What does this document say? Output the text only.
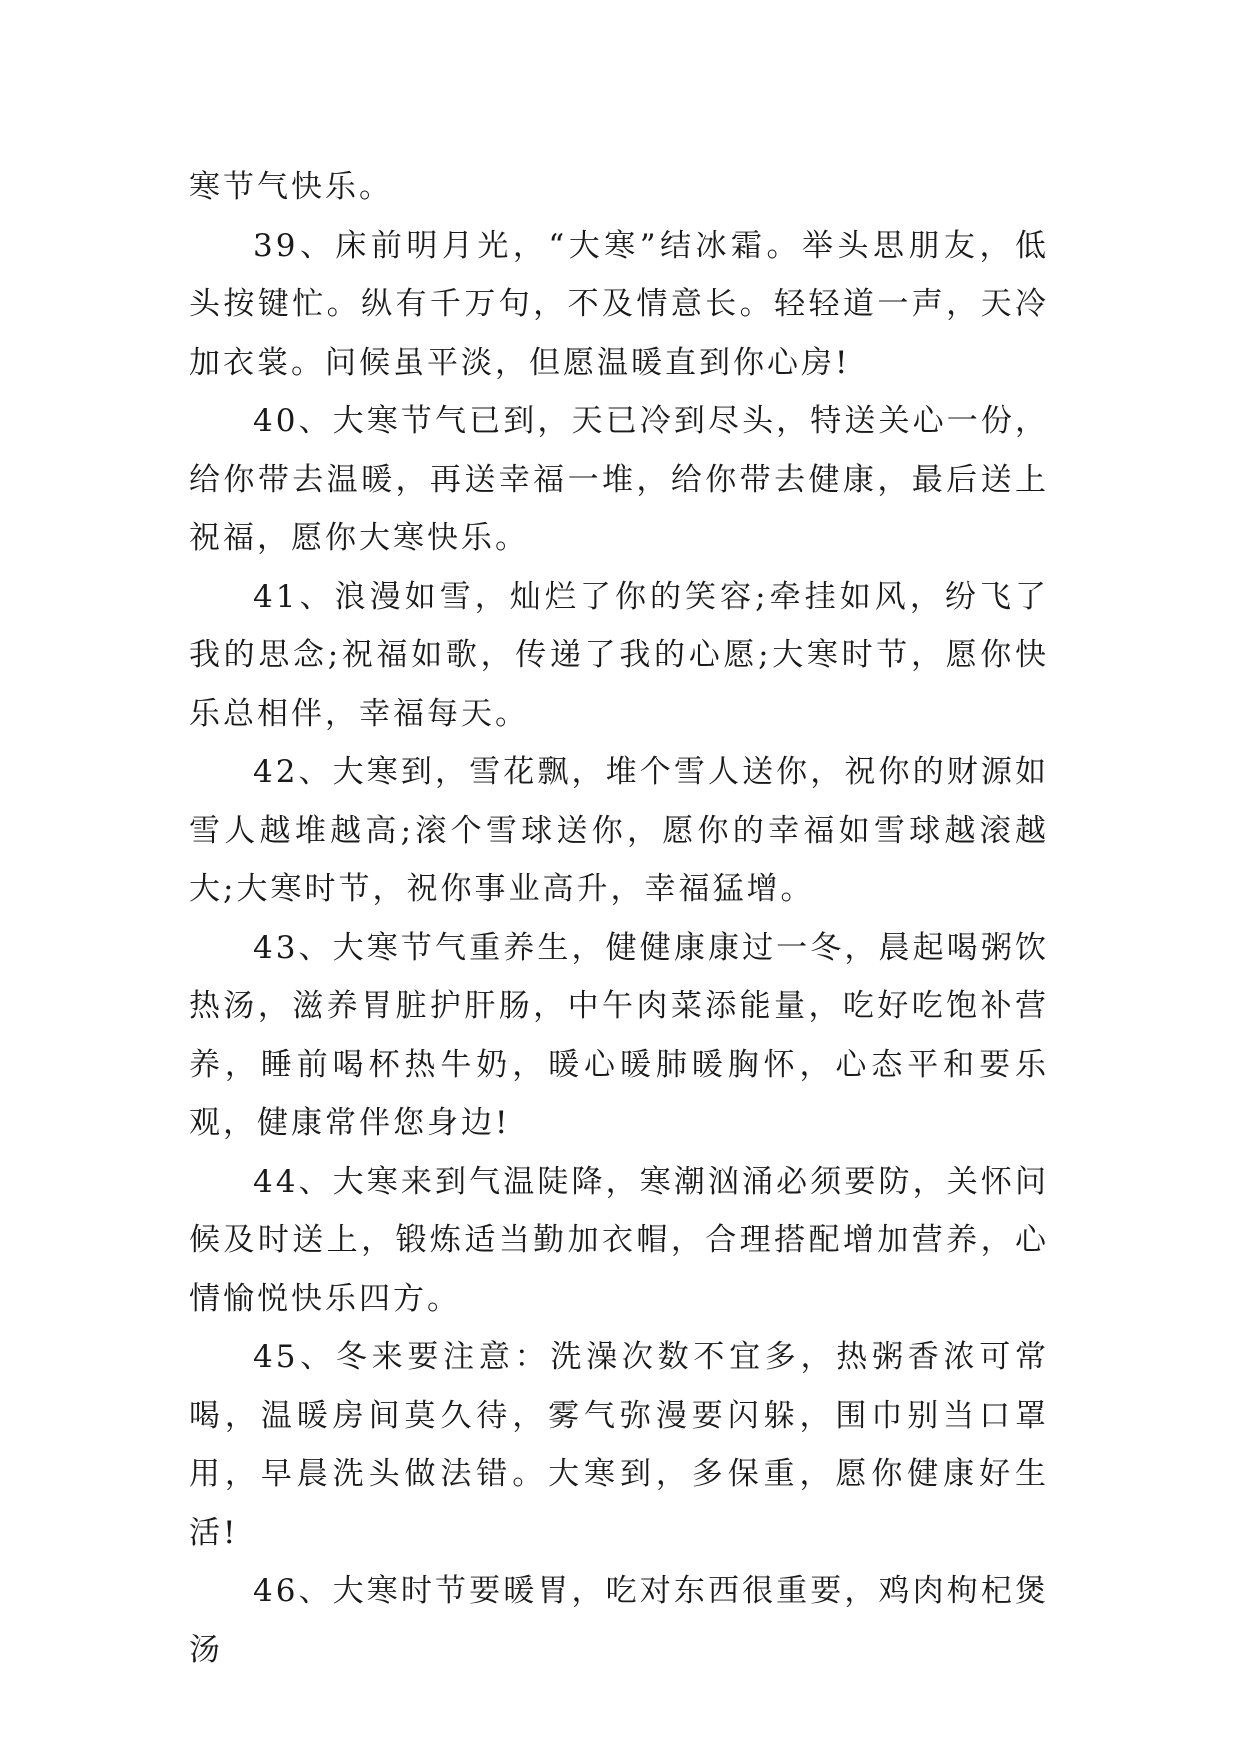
寒节气快乐。

39、床前明月光，“大寒”结冰霜。举头思朋友，低头按键忙。纵有千万句，不及情意长。轻轻道一声，天冷加衣裳。问候虽平淡，但愿温暖直到你心房!

40、大寒节气已到，天已冷到尽头，特送关心一份，给你带去温暖，再送幸福一堆，给你带去健康，最后送上祝福，愿你大寒快乐。

41、浪漫如雪，灿烂了你的笑容;牵挂如风，纷飞了我的思念;祝福如歌，传递了我的心愿;大寒时节，愿你快乐总相伴，幸福每天。

42、大寒到，雪花飘，堆个雪人送你，祝你的财源如雪人越堆越高;滚个雪球送你，愿你的幸福如雪球越滚越大;大寒时节，祝你事业高升，幸福猛增。

43、大寒节气重养生，健健康康过一冬，晨起喝粥饮热汤，滋养胃脏护肝肠，中午肉菜添能量，吃好吃饱补营养，睡前喝杯热牛奶，暖心暖肺暖胸怀，心态平和要乐观，健康常伴您身边!

44、大寒来到气温陡降，寒潮汹涌必须要防，关怀问候及时送上，锻炼适当勤加衣帽，合理搭配增加营养，心情愉悦快乐四方。

45、冬来要注意：洗澡次数不宜多，热粥香浓可常喝，温暖房间莫久待，雾气弥漫要闪躲，围巾别当口罩用，早晨洗头做法错。大寒到，多保重，愿你健康好生活!

46、大寒时节要暖胃，吃对东西很重要，鸡肉枸杞煲汤
